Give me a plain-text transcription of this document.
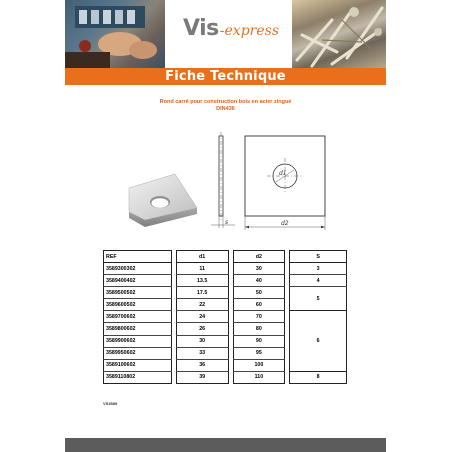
Vis -express
Fiche Technique
Rond carré pour construction bois en acier zingué
DIN436
s
d1
d2
REF		d1		d2		S
3589300302		11		30		3
3589400402		13.5		40		4
3589500502		17.5		50		5
3589600502		22		60		
3589700602		24		70		6
3589800602		26		80		
3589900602		30		90		
3589950602		33		95		
3589100602		36		100		
3589110802		39		110		8
VS3589
